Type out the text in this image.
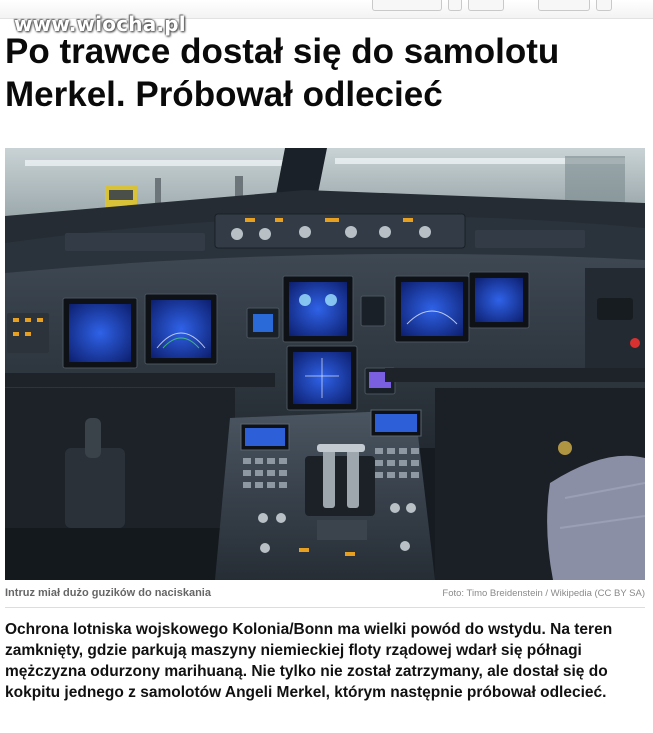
www.wiocha.pl
Po trawce dostał się do samolotu Merkel. Próbował odlecieć
Intruz miał dużo guzików do naciskania	Foto: Timo Breidenstein / Wikipedia (CC BY SA)

Ochrona lotniska wojskowego Kolonia/Bonn ma wielki powód do wstydu. Na teren zamknięty, gdzie parkują maszyny niemieckiej floty rządowej wdarł się półnagi mężczyzna odurzony marihuaną. Nie tylko nie został zatrzymany, ale dostał się do kokpitu jednego z samolotów Angeli Merkel, którym następnie próbował odlecieć.
